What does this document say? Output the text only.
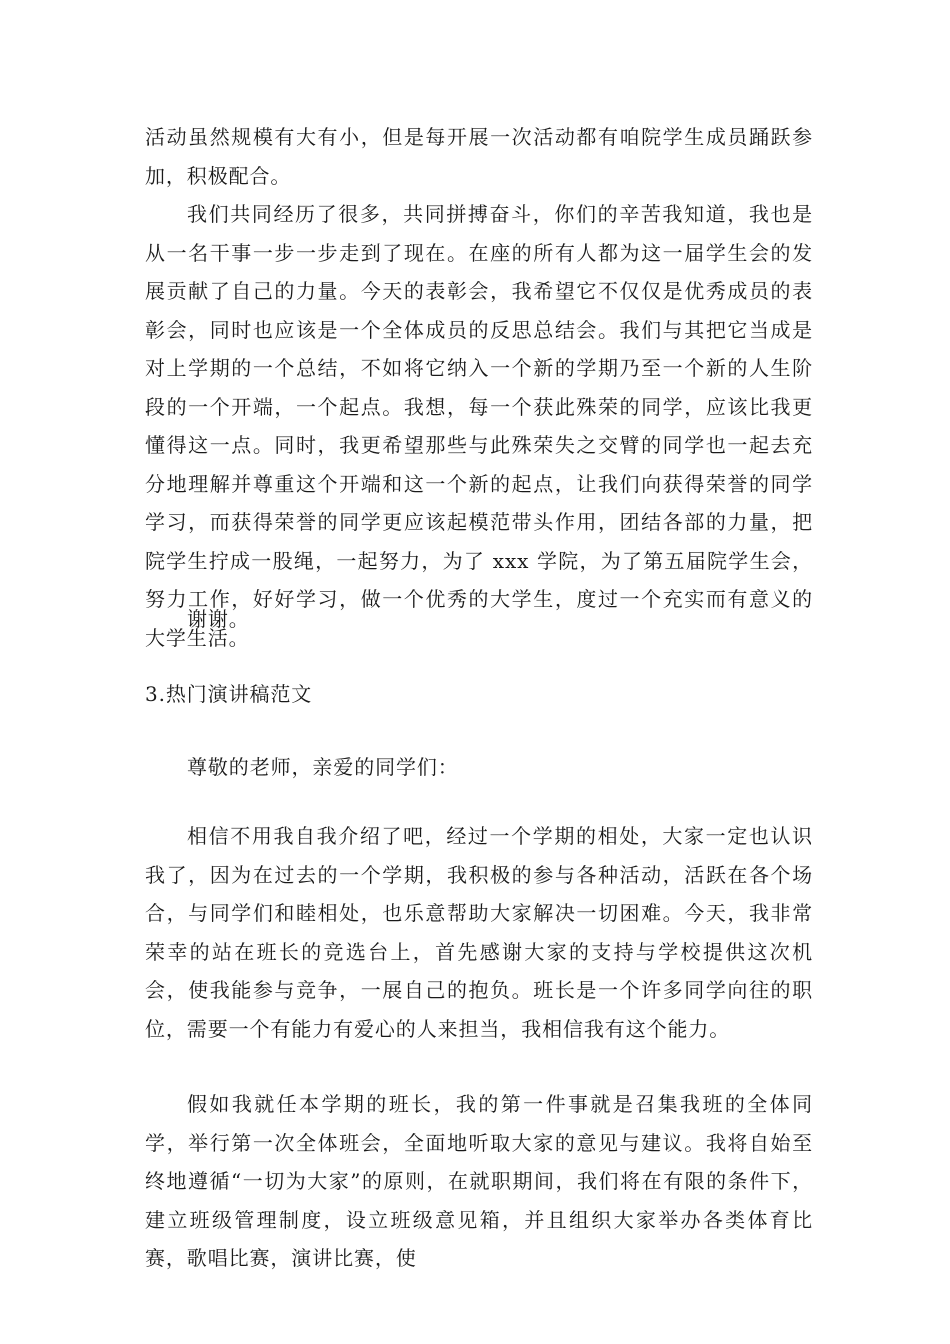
活动虽然规模有大有小，但是每开展一次活动都有咱院学生成员踊跃参加，积极配合。

我们共同经历了很多，共同拼搏奋斗，你们的辛苦我知道，我也是从一名干事一步一步走到了现在。在座的所有人都为这一届学生会的发展贡献了自己的力量。今天的表彰会，我希望它不仅仅是优秀成员的表彰会，同时也应该是一个全体成员的反思总结会。我们与其把它当成是对上学期的一个总结，不如将它纳入一个新的学期乃至一个新的人生阶段的一个开端，一个起点。我想，每一个获此殊荣的同学，应该比我更懂得这一点。同时，我更希望那些与此殊荣失之交臂的同学也一起去充分地理解并尊重这个开端和这一个新的起点，让我们向获得荣誉的同学学习，而获得荣誉的同学更应该起模范带头作用，团结各部的力量，把院学生拧成一股绳，一起努力，为了 xxx 学院，为了第五届院学生会，努力工作，好好学习，做一个优秀的大学生，度过一个充实而有意义的大学生活。

谢谢。

3.热门演讲稿范文

尊敬的老师，亲爱的同学们：

相信不用我自我介绍了吧，经过一个学期的相处，大家一定也认识我了，因为在过去的一个学期，我积极的参与各种活动，活跃在各个场合，与同学们和睦相处，也乐意帮助大家解决一切困难。今天，我非常荣幸的站在班长的竞选台上，首先感谢大家的支持与学校提供这次机会，使我能参与竞争，一展自己的抱负。班长是一个许多同学向往的职位，需要一个有能力有爱心的人来担当，我相信我有这个能力。

假如我就任本学期的班长，我的第一件事就是召集我班的全体同学，举行第一次全体班会，全面地听取大家的意见与建议。我将自始至终地遵循“一切为大家”的原则，在就职期间，我们将在有限的条件下，建立班级管理制度，设立班级意见箱，并且组织大家举办各类体育比赛，歌唱比赛，演讲比赛，使
